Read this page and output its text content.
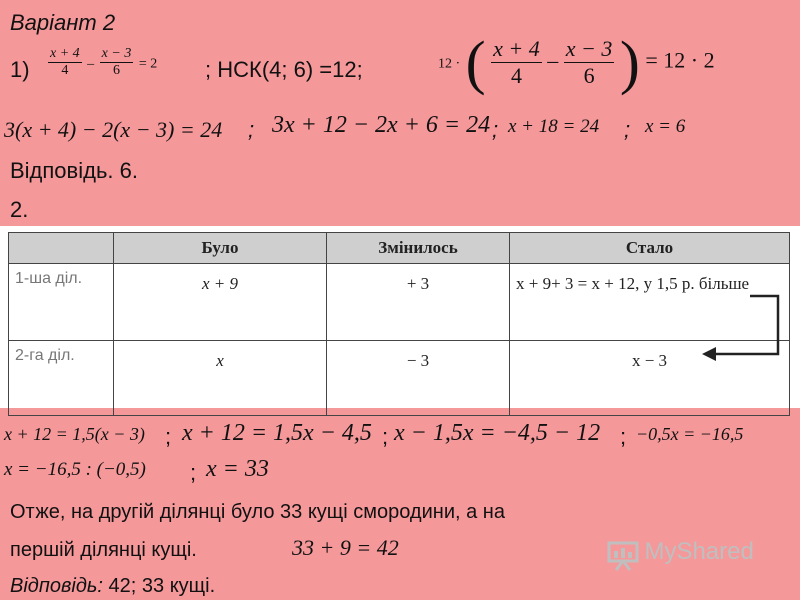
Варіант 2
$1) \frac{x + 4}{4} - \frac{x - 3}{6} = 2$ ; НСК(4; 6) =12;	12 · ( $\frac{x + 4}{4} - \frac{x - 3}{6}$ ) = 12 · 2
3(x + 4) − 2(x − 3) = 24 ; 3x + 12 − 2x + 6 = 24 ; x + 18 = 24 ; x = 6
Відповідь. 6.
2.
	Було	Змінилось	Стало
1-ша діл.	x + 9	+ 3	x + 9+ 3 = x + 12, у 1,5 р. більше
2-га діл.	x	− 3	x − 3
x + 12 = 1,5(x − 3) ; x + 12 = 1,5x − 4,5 ; x − 1,5x = −4,5 − 12 ; −0,5x = −16,5
x = −16,5 : (−0,5) ; x = 33
Отже, на другій ділянці було 33 кущі смородини, а на
першій ділянці кущі.	33 + 9 = 42
Відповідь: 42; 33 кущі.
MyShared
